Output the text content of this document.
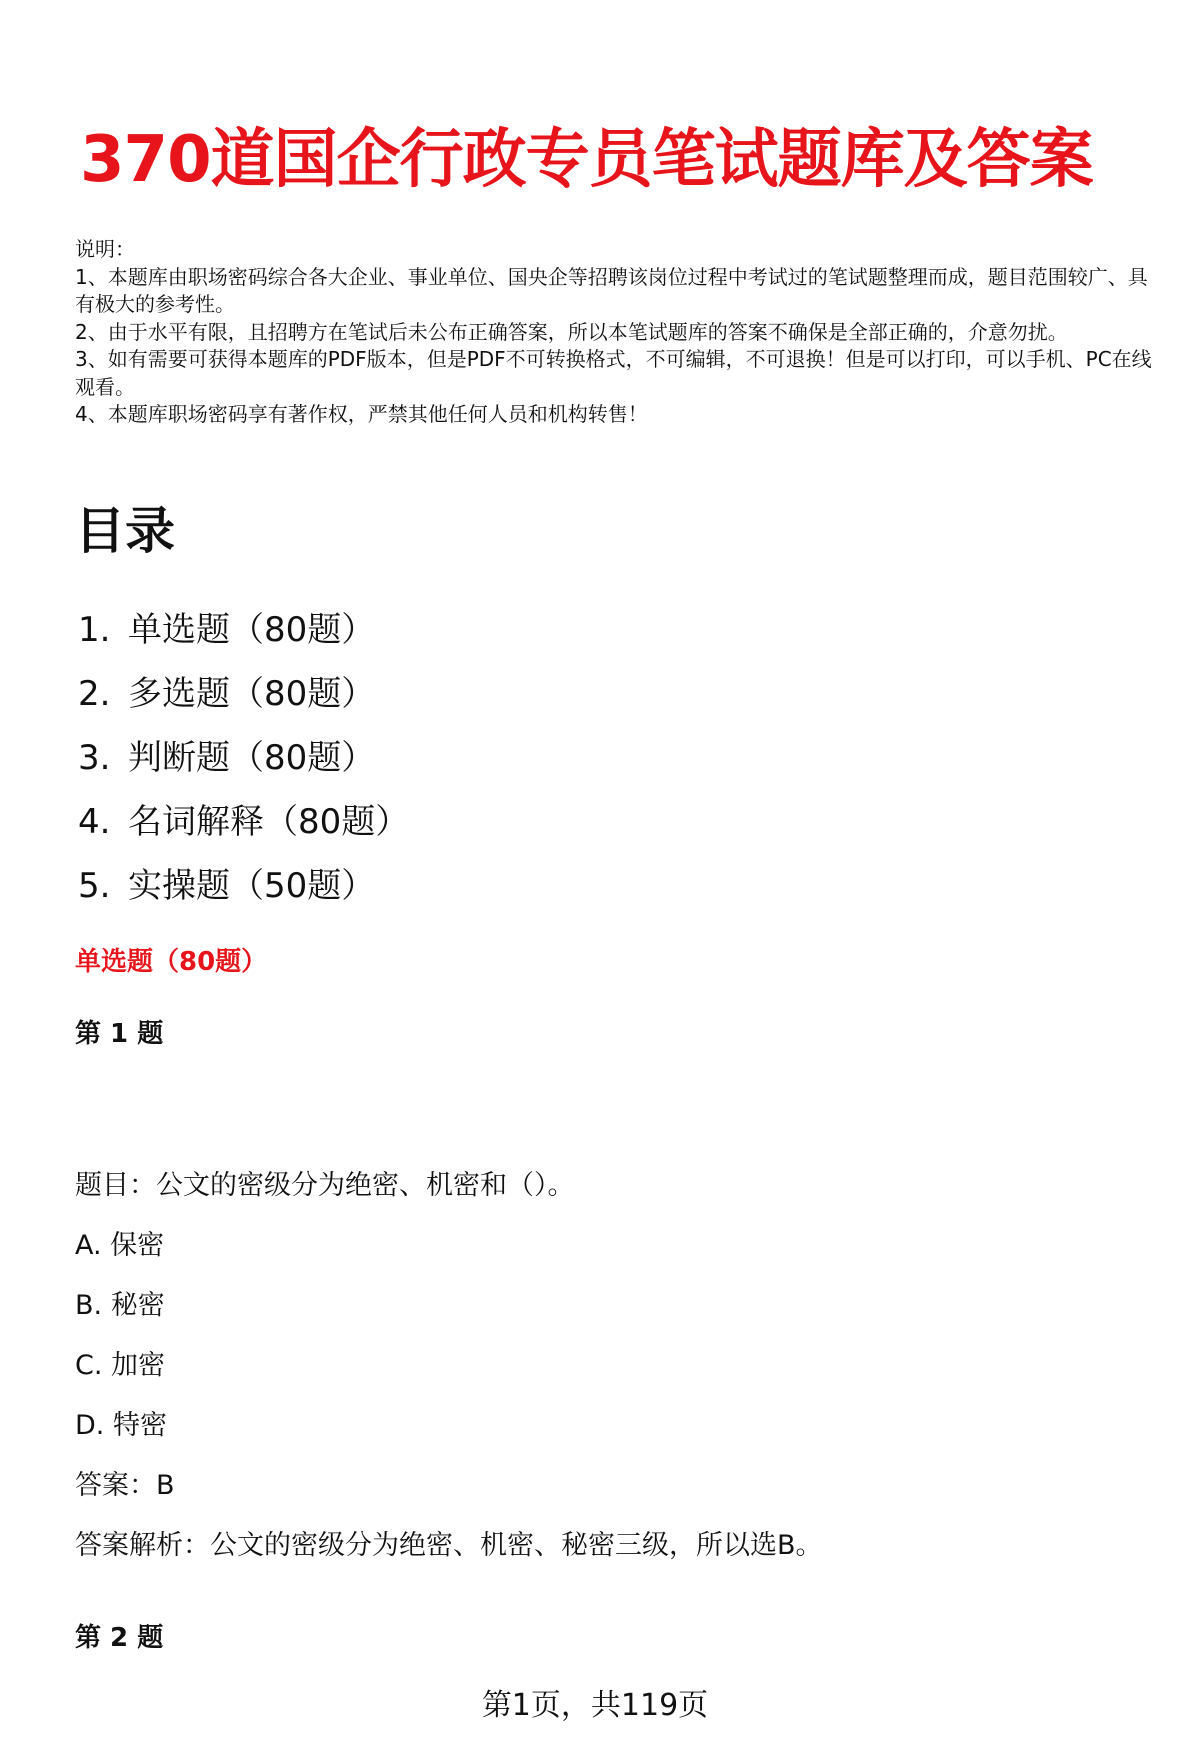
370道国企行政专员笔试题库及答案

说明：

1、本题库由职场密码综合各大企业、事业单位、国央企等招聘该岗位过程中考试过的笔试题整理而成，题目范围较广、具有极大的参考性。

2、由于水平有限，且招聘方在笔试后未公布正确答案，所以本笔试题库的答案不确保是全部正确的，介意勿扰。

3、如有需要可获得本题库的PDF版本，但是PDF不可转换格式，不可编辑，不可退换！但是可以打印，可以手机、PC在线观看。

4、本题库职场密码享有著作权，严禁其他任何人员和机构转售！

目录
1. 单选题（80题）
2. 多选题（80题）
3. 判断题（80题）
4. 名词解释（80题）
5. 实操题（50题）
单选题（80题）
第 1 题

题目：公文的密级分为绝密、机密和（）。

A. 保密

B. 秘密

C. 加密

D. 特密

答案：B

答案解析：公文的密级分为绝密、机密、秘密三级，所以选B。

第 2 题
第1页，共119页
